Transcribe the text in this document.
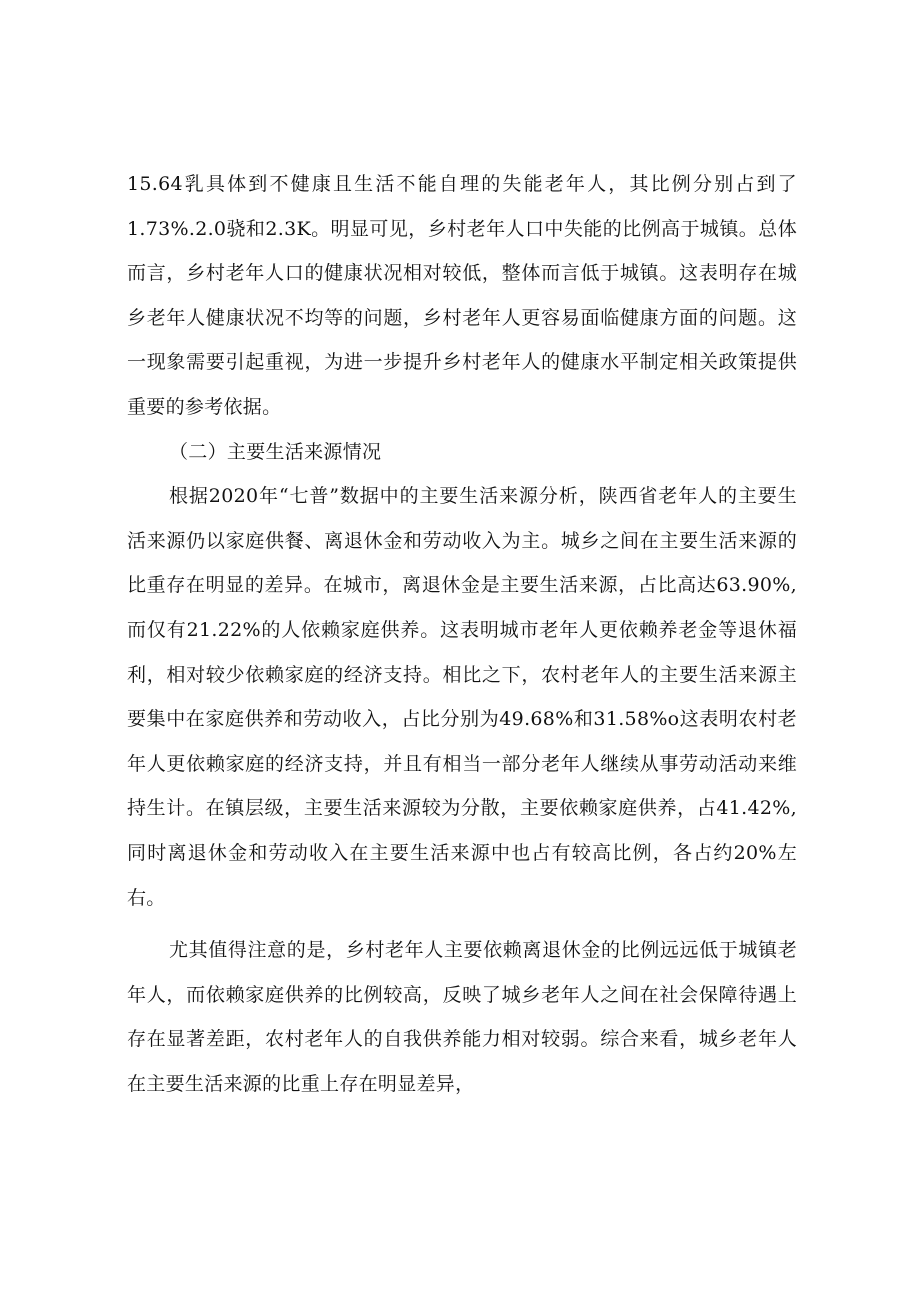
15.64乳具体到不健康且生活不能自理的失能老年人，其比例分别占到了1.73%.2.0骁和2.3K。明显可见，乡村老年人口中失能的比例高于城镇。总体而言，乡村老年人口的健康状况相对较低，整体而言低于城镇。这表明存在城乡老年人健康状况不均等的问题，乡村老年人更容易面临健康方面的问题。这一现象需要引起重视，为进一步提升乡村老年人的健康水平制定相关政策提供重要的参考依据。

（二）主要生活来源情况

根据2020年“七普”数据中的主要生活来源分析，陕西省老年人的主要生活来源仍以家庭供餐、离退休金和劳动收入为主。城乡之间在主要生活来源的比重存在明显的差异。在城市，离退休金是主要生活来源，占比高达63.90%,而仅有21.22%的人依赖家庭供养。这表明城市老年人更依赖养老金等退休福利，相对较少依赖家庭的经济支持。相比之下，农村老年人的主要生活来源主要集中在家庭供养和劳动收入，占比分别为49.68%和31.58%o这表明农村老年人更依赖家庭的经济支持，并且有相当一部分老年人继续从事劳动活动来维持生计。在镇层级，主要生活来源较为分散，主要依赖家庭供养，占41.42%,同时离退休金和劳动收入在主要生活来源中也占有较高比例，各占约20%左右。

尤其值得注意的是，乡村老年人主要依赖离退休金的比例远远低于城镇老年人，而依赖家庭供养的比例较高，反映了城乡老年人之间在社会保障待遇上存在显著差距，农村老年人的自我供养能力相对较弱。综合来看，城乡老年人在主要生活来源的比重上存在明显差异，
